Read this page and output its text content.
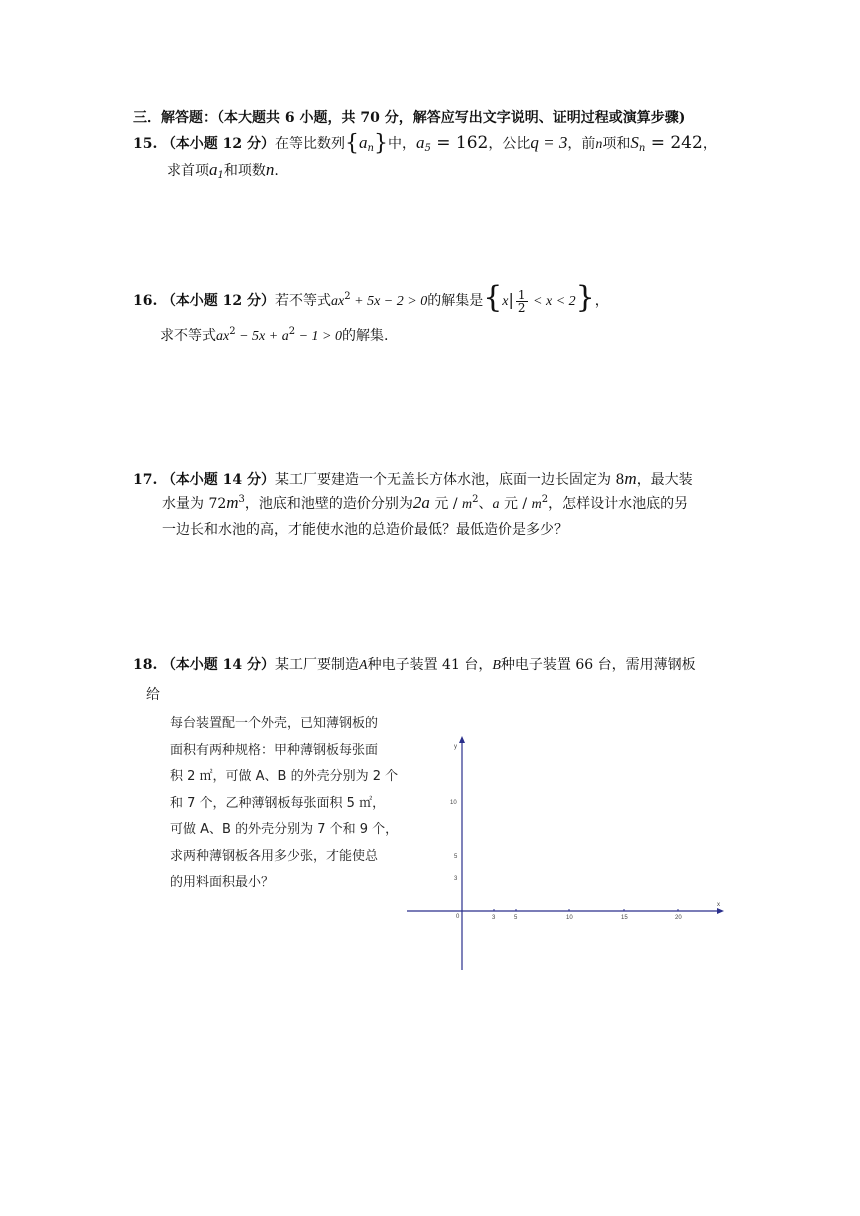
三．解答题：（本大题共 6 小题，共 70 分，解答应写出文字说明、证明过程或演算步骤)
15. （本小题 12 分）在等比数列$\{a_n\}$中，$a_5 = 162$，公比q = 3，前n项和$S_n = 242$，
求首项$a_1$和项数n.
16. （本小题 12 分）若不等式$ax^2 + 5x - 2 > 0$的解集是$\{x| \frac{1}{2} < x < 2\}$，
求不等式$ax^2 - 5x + a^2 - 1 > 0$的解集.
17. （本小题 14 分）某工厂要建造一个无盖长方体水池，底面一边长固定为 8m，最大装
水量为 $72m^3$，池底和池壁的造价分别为2a 元 / $m^2$、a 元 / $m^2$，怎样设计水池底的另
一边长和水池的高，才能使水池的总造价最低？最低造价是多少？
18. （本小题 14 分）某工厂要制造A种电子装置 41 台，B种电子装置 66 台，需用薄钢板
给
每台装置配一个外壳，已知薄钢板的
面积有两种规格：甲种薄钢板每张面
积 2 ㎡，可做 A、B 的外壳分别为 2 个
和 7 个，乙种薄钢板每张面积 5 ㎡，
可做 A、B 的外壳分别为 7 个和 9 个，
求两种薄钢板各用多少张，才能使总
的用料面积最小？
x
y
0	3	5	10	15	20
10
5
3
